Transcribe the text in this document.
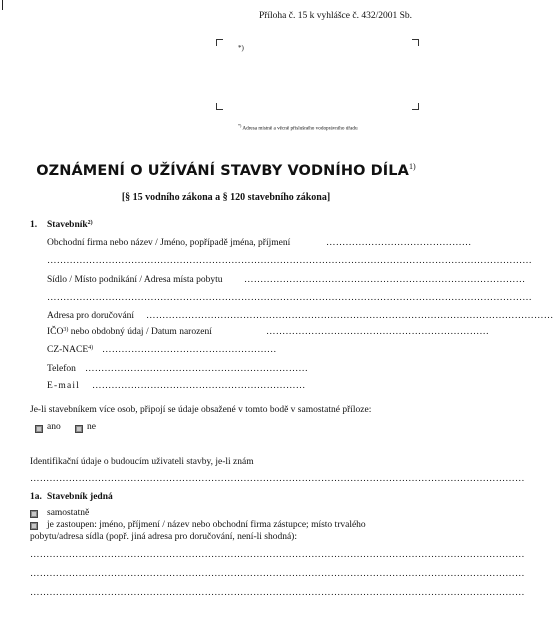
Příloha č. 15 k vyhlášce č. 432/2001 Sb.
*)
*) Adresa místně a věcně příslušného vodoprávního úřadu
OZNÁMENÍ O UŽÍVÁNÍ STAVBY VODNÍHO DÍLA$^{1)}$
[§ 15 vodního zákona a § 120 stavebního zákona]
1. Stavebník$^{2)}$
Obchodní firma nebo název / Jméno, popřípadě jména, příjmení	………………………………………
……………………………………………………………………………………………………………………………………
Sídlo / Místo podnikání / Adresa místa pobytu ……………………………………………………………………………
……………………………………………………………………………………………………………………………………
Adresa pro doručování ………………………………………………………………………………………………………………
IČO$^{3)}$ nebo obdobný údaj / Datum narození	……………………………………………………………
CZ-NACE$^{4)}$ ………………………………………………
Telefon ……………………………………………………………
E-mail …………………………………………………………
Je-li stavebníkem více osob, připojí se údaje obsažené v tomto bodě v samostatné příloze:
ano	ne
Identifikační údaje o budoucím uživateli stavby, je-li znám
………………………………………………………………………………………………………………………………………
1a. Stavebník jedná
samostatně
je zastoupen: jméno, příjmení / název nebo obchodní firma zástupce; místo trvalého
pobytu/adresa sídla (popř. jiná adresa pro doručování, není-li shodná):
………………………………………………………………………………………………………………………………………
………………………………………………………………………………………………………………………………………
………………………………………………………………………………………………………………………………………
